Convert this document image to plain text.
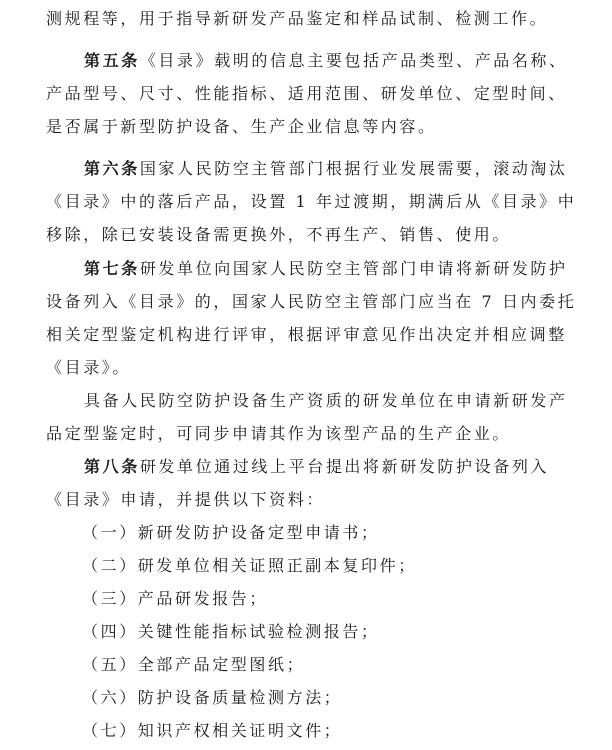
测规程等，用于指导新研发产品鉴定和样品试制、检测工作。
第五条《目录》载明的信息主要包括产品类型、产品名称、
产品型号、尺寸、性能指标、适用范围、研发单位、定型时间、
是否属于新型防护设备、生产企业信息等内容。
第六条国家人民防空主管部门根据行业发展需要，滚动淘汰
《目录》中的落后产品，设置 1 年过渡期，期满后从《目录》中
移除，除已安装设备需更换外，不再生产、销售、使用。
第七条研发单位向国家人民防空主管部门申请将新研发防护
设备列入《目录》的，国家人民防空主管部门应当在 7 日内委托
相关定型鉴定机构进行评审，根据评审意见作出决定并相应调整
《目录》。
具备人民防空防护设备生产资质的研发单位在申请新研发产
品定型鉴定时，可同步申请其作为该型产品的生产企业。
第八条研发单位通过线上平台提出将新研发防护设备列入
《目录》申请，并提供以下资料：
（一）新研发防护设备定型申请书；
（二）研发单位相关证照正副本复印件；
（三）产品研发报告；
（四）关键性能指标试验检测报告；
（五）全部产品定型图纸；
（六）防护设备质量检测方法；
（七）知识产权相关证明文件；
